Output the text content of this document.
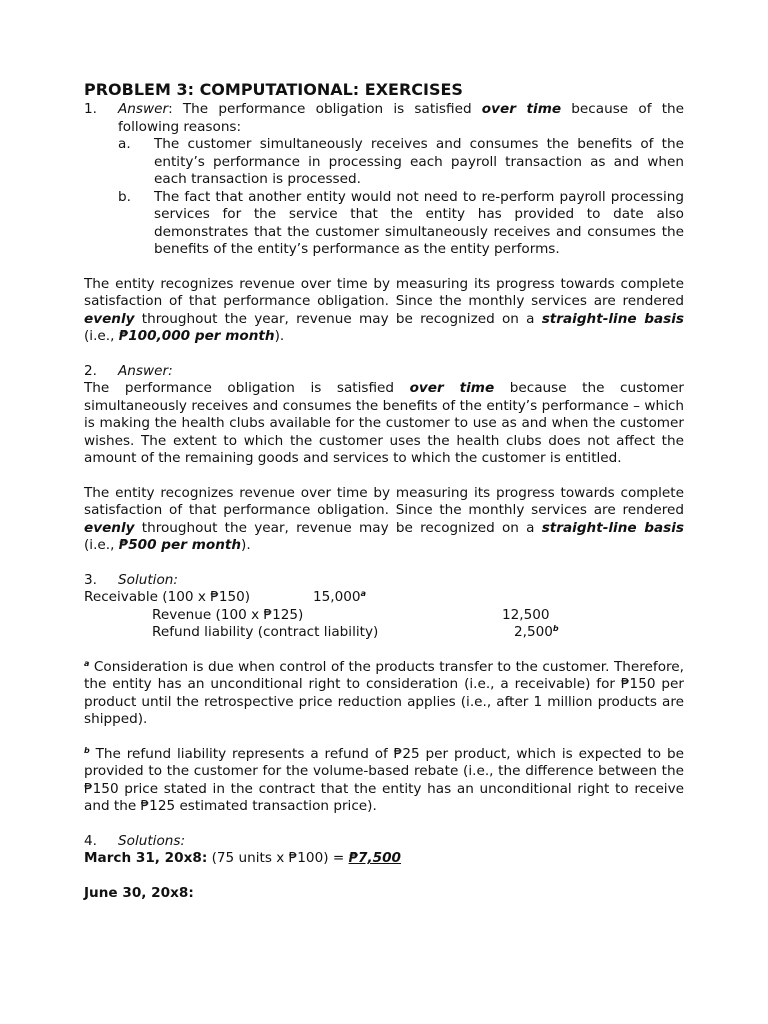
PROBLEM 3: COMPUTATIONAL: EXERCISES
1.	Answer: The performance obligation is satisfied over time because of the following reasons:
a.	The customer simultaneously receives and consumes the benefits of the entity’s performance in processing each payroll transaction as and when each transaction is processed.
b.	The fact that another entity would not need to re-perform payroll processing services for the service that the entity has provided to date also demonstrates that the customer simultaneously receives and consumes the benefits of the entity’s performance as the entity performs.
The entity recognizes revenue over time by measuring its progress towards complete satisfaction of that performance obligation. Since the monthly services are rendered evenly throughout the year, revenue may be recognized on a straight-line basis (i.e., ₱100,000 per month).
2.	Answer:
The performance obligation is satisfied over time because the customer simultaneously receives and consumes the benefits of the entity’s performance – which is making the health clubs available for the customer to use as and when the customer wishes. The extent to which the customer uses the health clubs does not affect the amount of the remaining goods and services to which the customer is entitled.
The entity recognizes revenue over time by measuring its progress towards complete satisfaction of that performance obligation. Since the monthly services are rendered evenly throughout the year, revenue may be recognized on a straight-line basis (i.e., ₱500 per month).
3.	Solution:
Receivable (100 x ₱150)	15,000$^a$
Revenue (100 x ₱125)	12,500
Refund liability (contract liability)	2,500$^b$
$^a$ Consideration is due when control of the products transfer to the customer. Therefore, the entity has an unconditional right to consideration (i.e., a receivable) for ₱150 per product until the retrospective price reduction applies (i.e., after 1 million products are shipped).
$^b$ The refund liability represents a refund of ₱25 per product, which is expected to be provided to the customer for the volume-based rebate (i.e., the difference between the ₱150 price stated in the contract that the entity has an unconditional right to receive and the ₱125 estimated transaction price).
4.	Solutions:
March 31, 20x8: (75 units x ₱100) = ₱7,500
June 30, 20x8:
